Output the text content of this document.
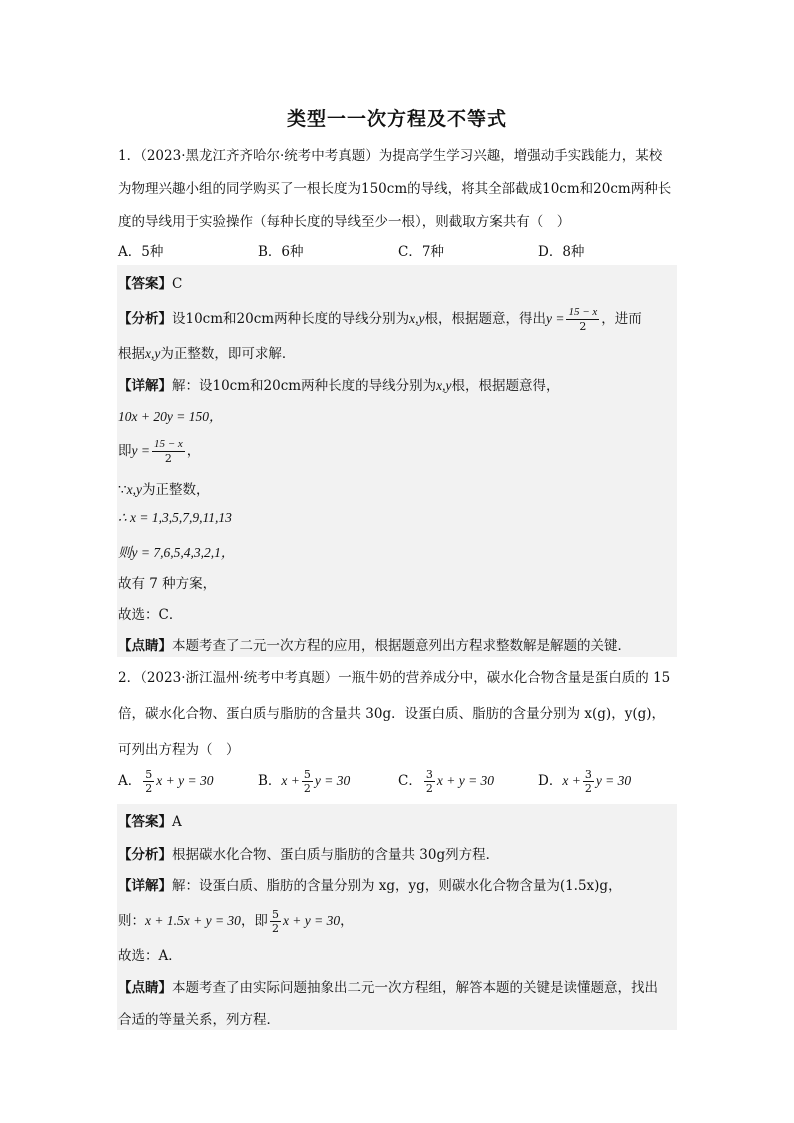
类型一一次方程及不等式
1．（2023·黑龙江齐齐哈尔·统考中考真题）为提高学生学习兴趣，增强动手实践能力，某校
为物理兴趣小组的同学购买了一根长度为150cm的导线，将其全部截成10cm和20cm两种长
度的导线用于实验操作（每种长度的导线至少一根），则截取方案共有（　）
A．5种	B．6种	C．7种	D．8种
【答案】C
【分析】设10cm和20cm两种长度的导线分别为x,y根，根据题意，得出$y = \frac{15 - x}{2}$ ，进而
根据x,y为正整数，即可求解．
【详解】解：设10cm和20cm两种长度的导线分别为x,y根，根据题意得，
10x + 20y = 150，
即$y = \frac{15 - x}{2}$ ，
∵x,y为正整数，
∴ x = 1,3,5,7,9,11,13
则y = 7,6,5,4,3,2,1，
故有 7 种方案，
故选：C．
【点睛】本题考查了二元一次方程的应用，根据题意列出方程求整数解是解题的关键．
2．（2023·浙江温州·统考中考真题）一瓶牛奶的营养成分中，碳水化合物含量是蛋白质的 15
倍，碳水化合物、蛋白质与脂肪的含量共 30g．设蛋白质、脂肪的含量分别为 x(g)，y(g)，
可列出方程为（　）
A． $\frac{5}{2}$ x + y = 30	B．$x + \frac{5}{2}$ y = 30	C． $\frac{3}{2}$ x + y = 30	D．$x + \frac{3}{2}$ y = 30
【答案】A
【分析】根据碳水化合物、蛋白质与脂肪的含量共 30g列方程．
【详解】解：设蛋白质、脂肪的含量分别为 xg，yg，则碳水化合物含量为(1.5x)g，
则：x + 1.5x + y = 30，即 $\frac{5}{2}$ x + y = 30，
故选：A．
【点睛】本题考查了由实际问题抽象出二元一次方程组，解答本题的关键是读懂题意，找出
合适的等量关系，列方程．
